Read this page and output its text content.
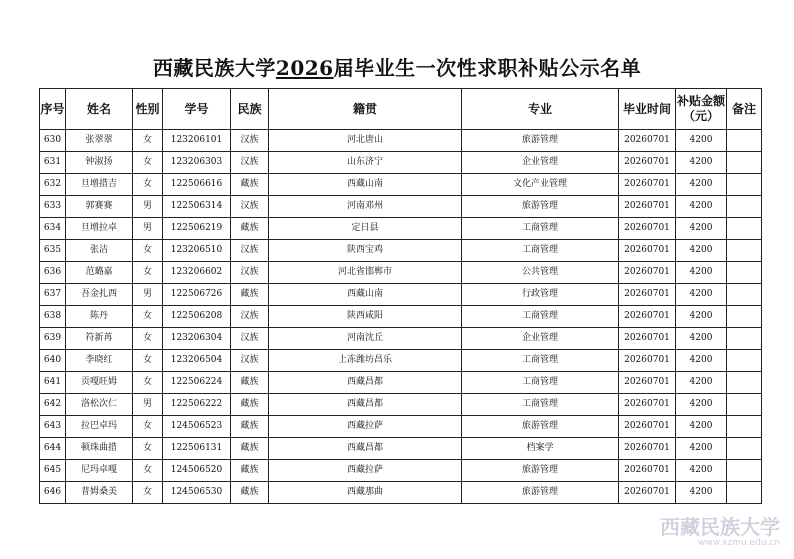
西藏民族大学2026届毕业生一次性求职补贴公示名单
序号	姓名	性别	学号	民族	籍贯	专业	毕业时间	补贴金额（元）	备注
630	张翠翠	女	123206101	汉族	河北唐山	旅游管理	20260701	4200	
631	钟淑扬	女	123206303	汉族	山东济宁	企业管理	20260701	4200	
632	旦增措吉	女	122506616	藏族	西藏山南	文化产业管理	20260701	4200	
633	郭赛赛	男	122506314	汉族	河南邓州	旅游管理	20260701	4200	
634	旦增拉卓	男	122506219	藏族	定日县	工商管理	20260701	4200	
635	张洁	女	123206510	汉族	陕西宝鸡	工商管理	20260701	4200	
636	范璐嘉	女	123206602	汉族	河北省邯郸市	公共管理	20260701	4200	
637	吾金扎西	男	122506726	藏族	西藏山南	行政管理	20260701	4200	
638	陈丹	女	122506208	汉族	陕西咸阳	工商管理	20260701	4200	
639	符新苒	女	123206304	汉族	河南沈丘	企业管理	20260701	4200	
640	李晓红	女	123206504	汉族	上冻潍坊昌乐	工商管理	20260701	4200	
641	贡嘎旺姆	女	122506224	藏族	西藏昌都	工商管理	20260701	4200	
642	洛松次仁	男	122506222	藏族	西藏昌都	工商管理	20260701	4200	
643	拉巴卓玛	女	124506523	藏族	西藏拉萨	旅游管理	20260701	4200	
644	顿珠曲措	女	122506131	藏族	西藏昌都	档案学	20260701	4200	
645	尼玛卓嘎	女	124506520	藏族	西藏拉萨	旅游管理	20260701	4200	
646	普姆桑美	女	124506530	藏族	西藏那曲	旅游管理	20260701	4200	
西藏民族大学
www.xzmu.edu.cn
